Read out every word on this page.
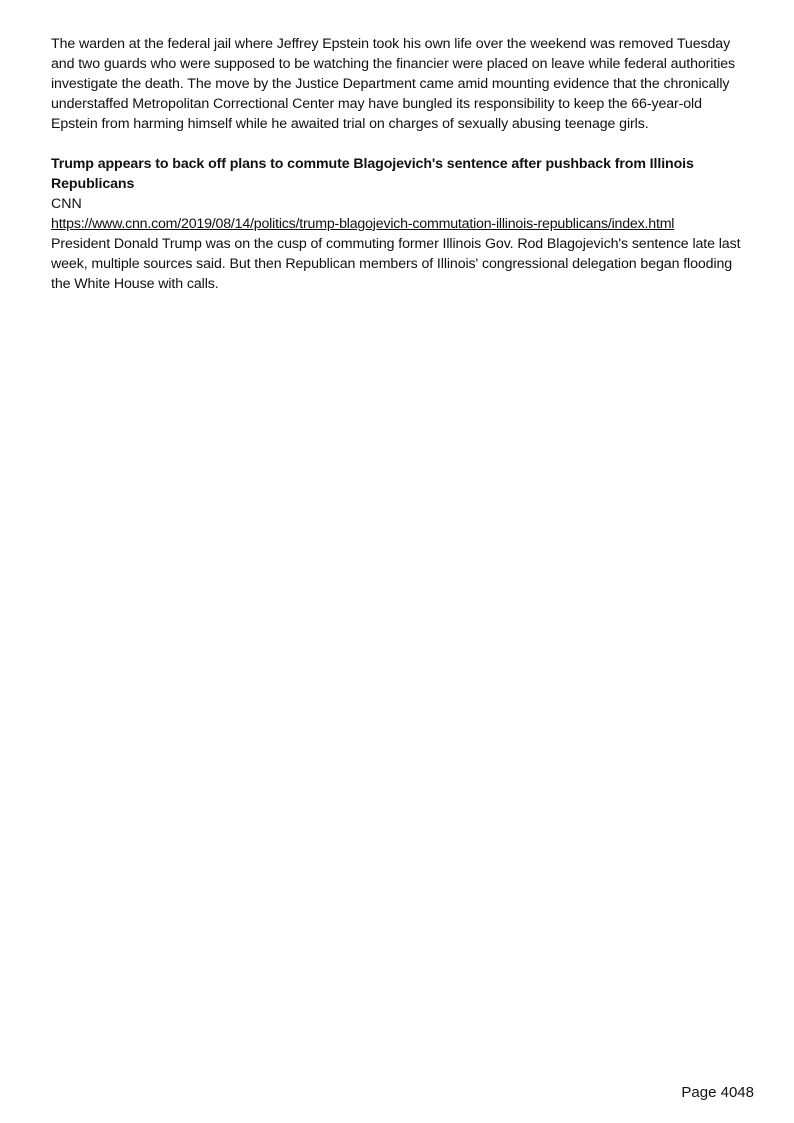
The warden at the federal jail where Jeffrey Epstein took his own life over the weekend was removed Tuesday and two guards who were supposed to be watching the financier were placed on leave while federal authorities investigate the death. The move by the Justice Department came amid mounting evidence that the chronically understaffed Metropolitan Correctional Center may have bungled its responsibility to keep the 66-year-old Epstein from harming himself while he awaited trial on charges of sexually abusing teenage girls.

Trump appears to back off plans to commute Blagojevich's sentence after pushback from Illinois Republicans

CNN

https://www.cnn.com/2019/08/14/politics/trump-blagojevich-commutation-illinois-republicans/index.html

President Donald Trump was on the cusp of commuting former Illinois Gov. Rod Blagojevich's sentence late last week, multiple sources said. But then Republican members of Illinois' congressional delegation began flooding the White House with calls.

Page 4048
